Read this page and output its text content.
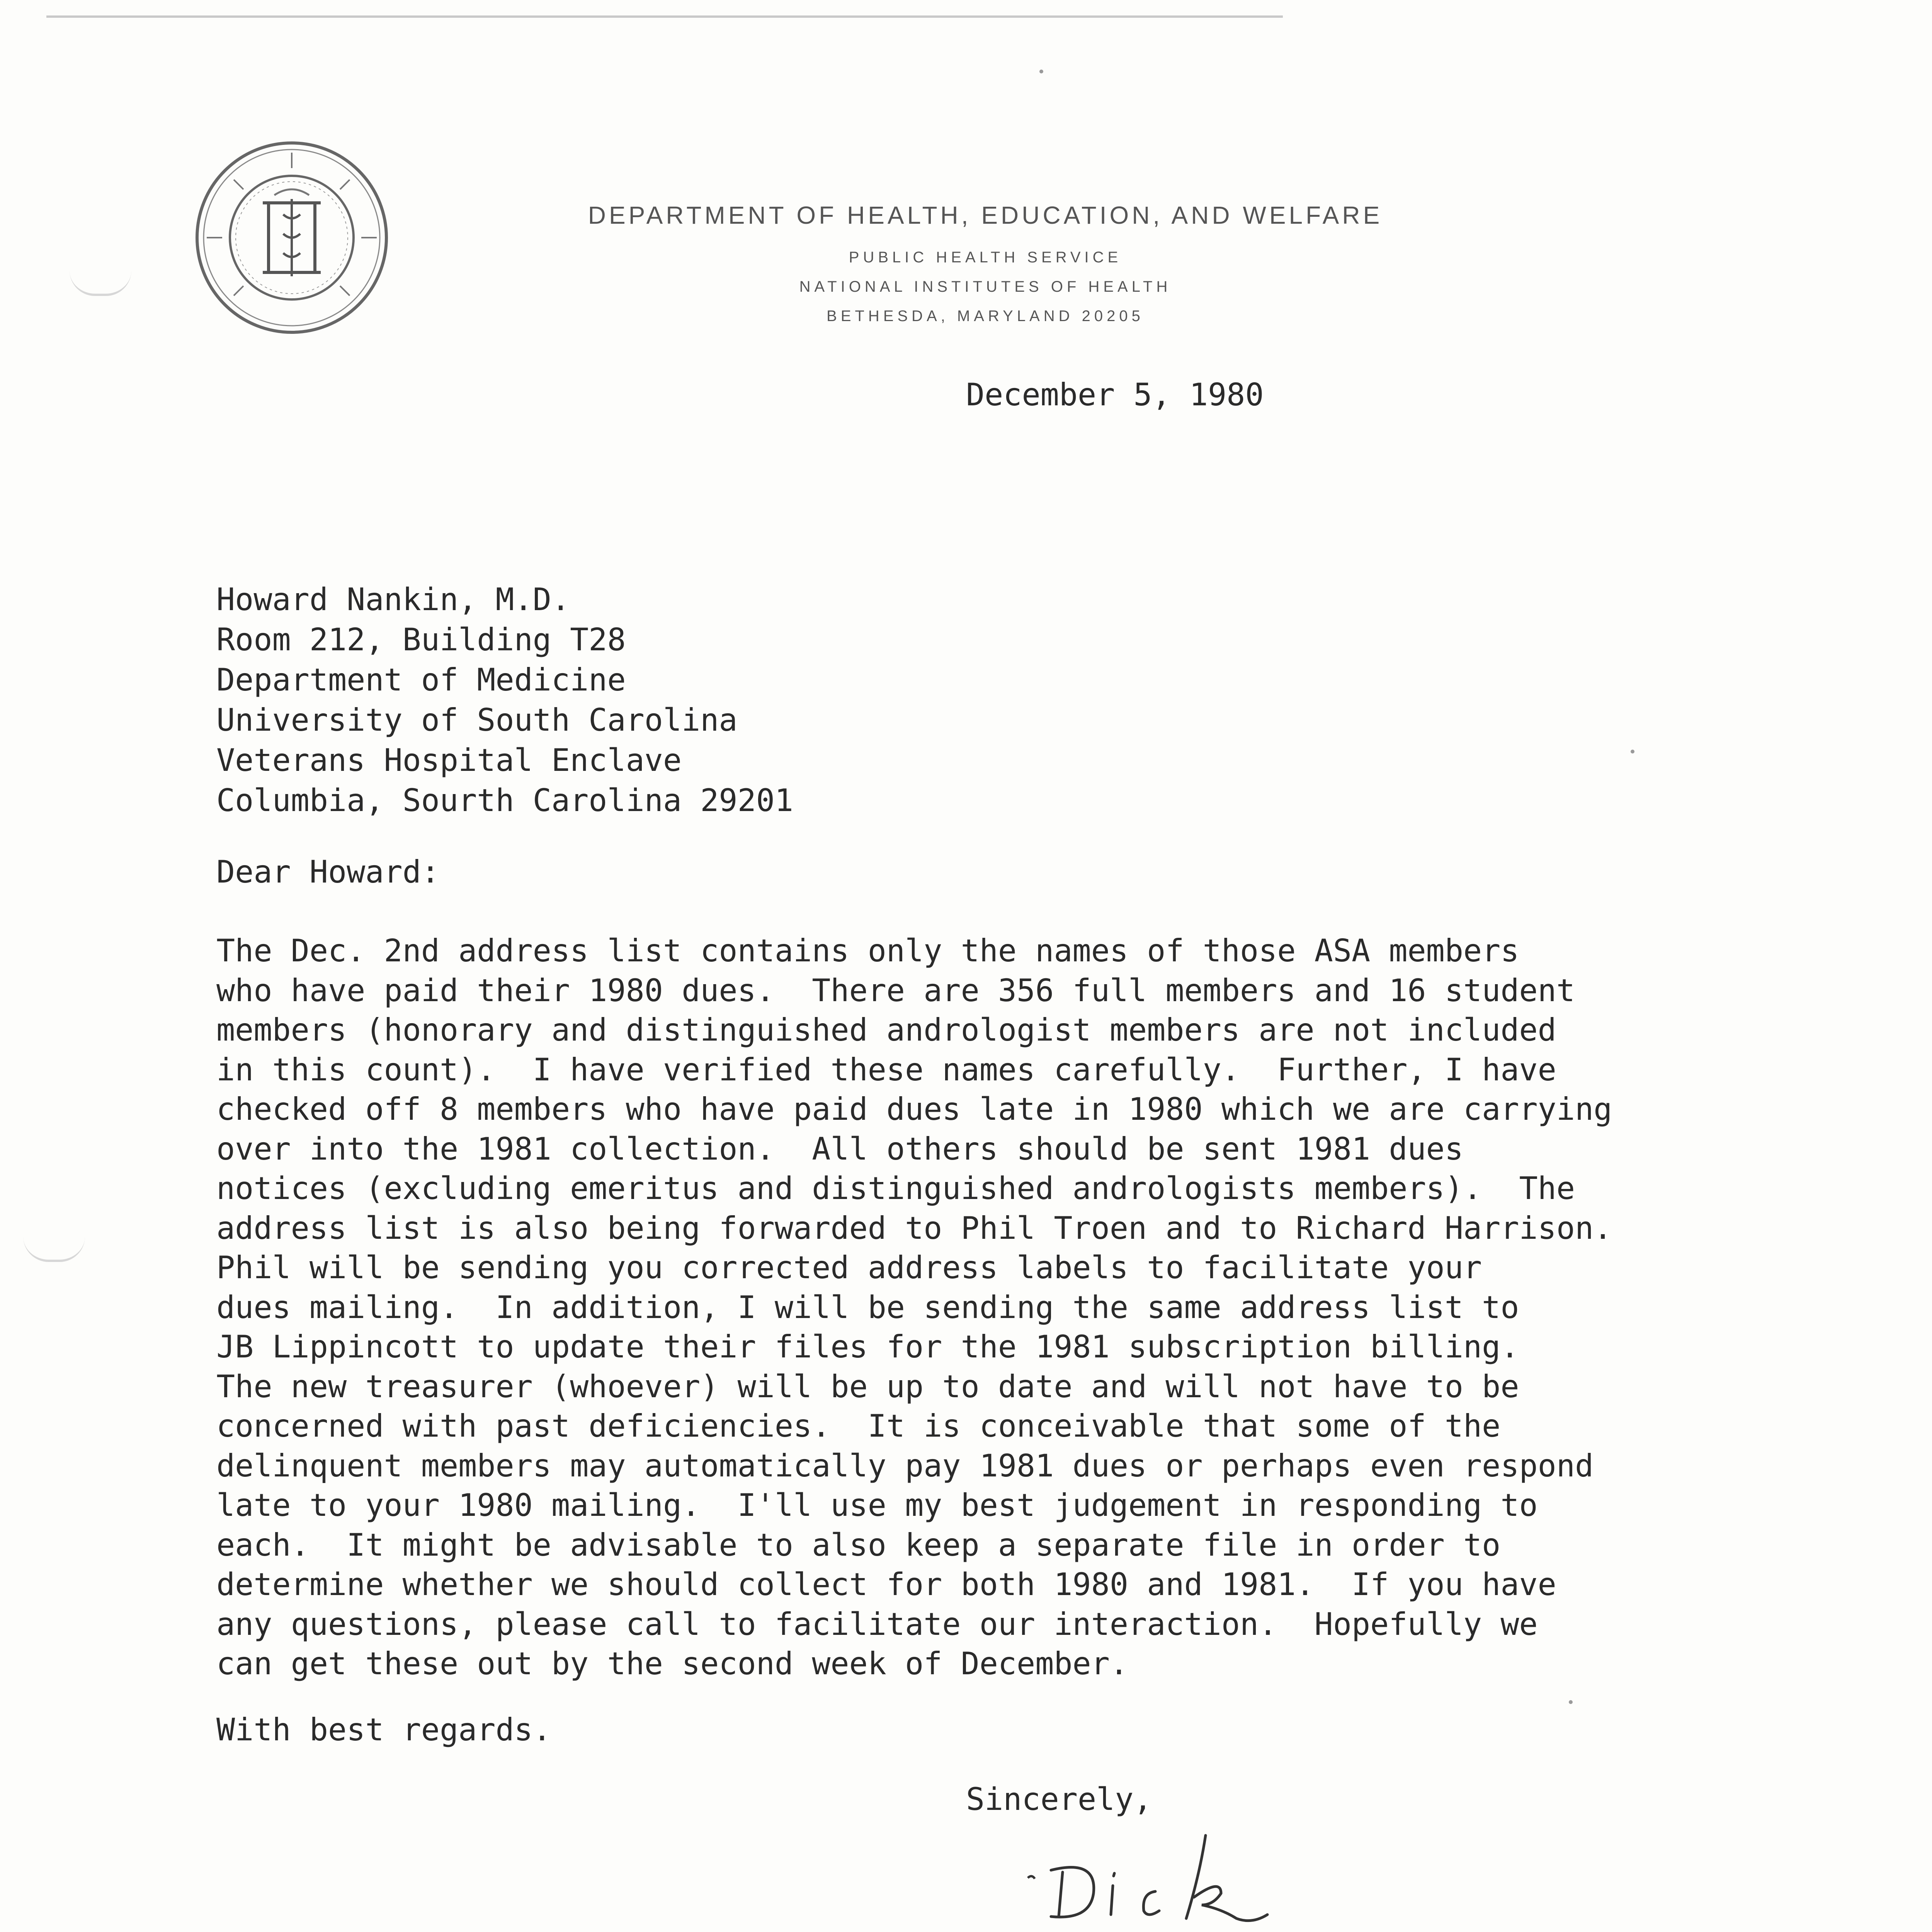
DEPARTMENT OF HEALTH, EDUCATION, AND WELFARE
PUBLIC HEALTH SERVICE
NATIONAL INSTITUTES OF HEALTH
BETHESDA, MARYLAND 20205
December 5, 1980
Howard Nankin, M.D.
Room 212, Building T28
Department of Medicine
University of South Carolina
Veterans Hospital Enclave
Columbia, Sourth Carolina 29201
Dear Howard:
The Dec. 2nd address list contains only the names of those ASA members
who have paid their 1980 dues.  There are 356 full members and 16 student
members (honorary and distinguished andrologist members are not included
in this count).  I have verified these names carefully.  Further, I have
checked off 8 members who have paid dues late in 1980 which we are carrying
over into the 1981 collection.  All others should be sent 1981 dues
notices (excluding emeritus and distinguished andrologists members).  The
address list is also being forwarded to Phil Troen and to Richard Harrison.
Phil will be sending you corrected address labels to facilitate your
dues mailing.  In addition, I will be sending the same address list to
JB Lippincott to update their files for the 1981 subscription billing.
The new treasurer (whoever) will be up to date and will not have to be
concerned with past deficiencies.  It is conceivable that some of the
delinquent members may automatically pay 1981 dues or perhaps even respond
late to your 1980 mailing.  I'll use my best judgement in responding to
each.  It might be advisable to also keep a separate file in order to
determine whether we should collect for both 1980 and 1981.  If you have
any questions, please call to facilitate our interaction.  Hopefully we
can get these out by the second week of December.
With best regards.
Sincerely,
